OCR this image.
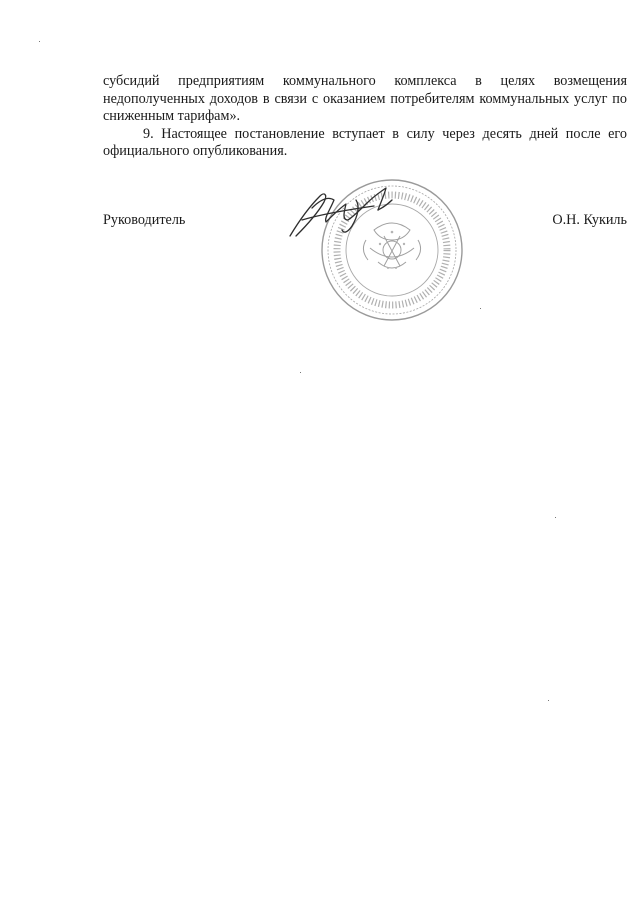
субсидий предприятиям коммунального комплекса в целях возмещения недополученных доходов в связи с оказанием потребителям коммунальных услуг по сниженным тарифам».

9. Настоящее постановление вступает в силу через десять дней после его официального опубликования.

Руководитель	О.Н. Кукиль
